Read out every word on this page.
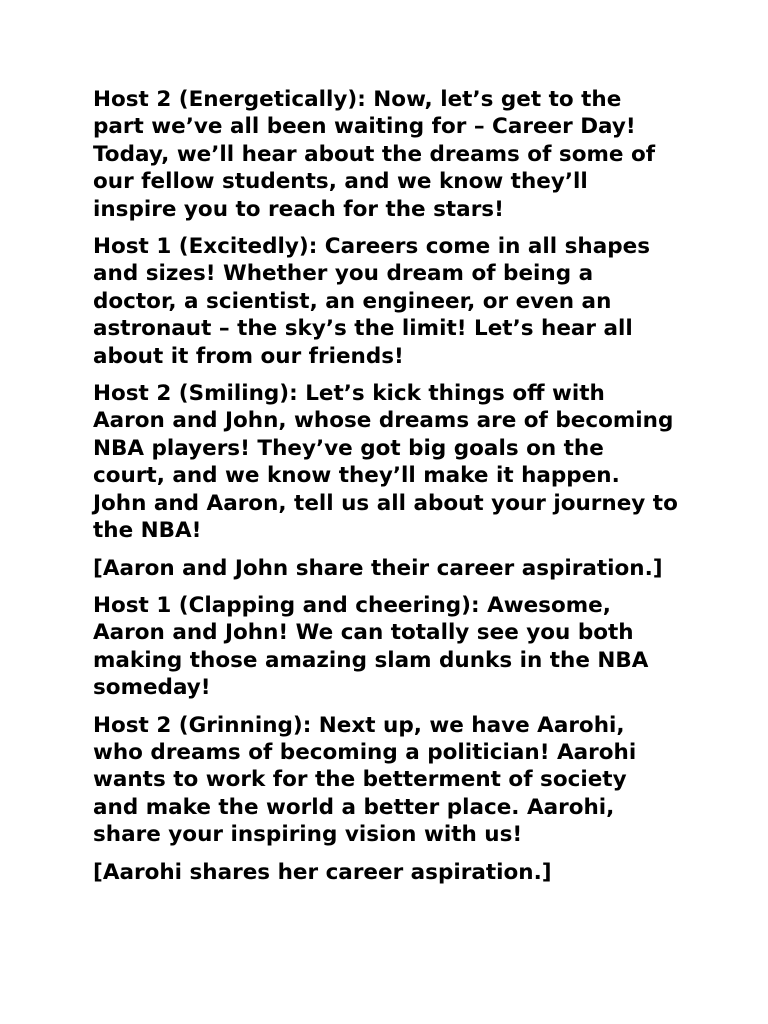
Host 2 (Energetically): Now, let’s get to the part we’ve all been waiting for – Career Day! Today, we’ll hear about the dreams of some of our fellow students, and we know they’ll inspire you to reach for the stars!

Host 1 (Excitedly): Careers come in all shapes and sizes! Whether you dream of being a doctor, a scientist, an engineer, or even an astronaut – the sky’s the limit! Let’s hear all about it from our friends!

Host 2 (Smiling): Let’s kick things off with Aaron and John, whose dreams are of becoming NBA players! They’ve got big goals on the court, and we know they’ll make it happen. John and Aaron, tell us all about your journey to the NBA!

[Aaron and John share their career aspiration.]

Host 1 (Clapping and cheering): Awesome, Aaron and John! We can totally see you both making those amazing slam dunks in the NBA someday!

Host 2 (Grinning): Next up, we have Aarohi, who dreams of becoming a politician! Aarohi wants to work for the betterment of society and make the world a better place. Aarohi, share your inspiring vision with us!

[Aarohi shares her career aspiration.]
